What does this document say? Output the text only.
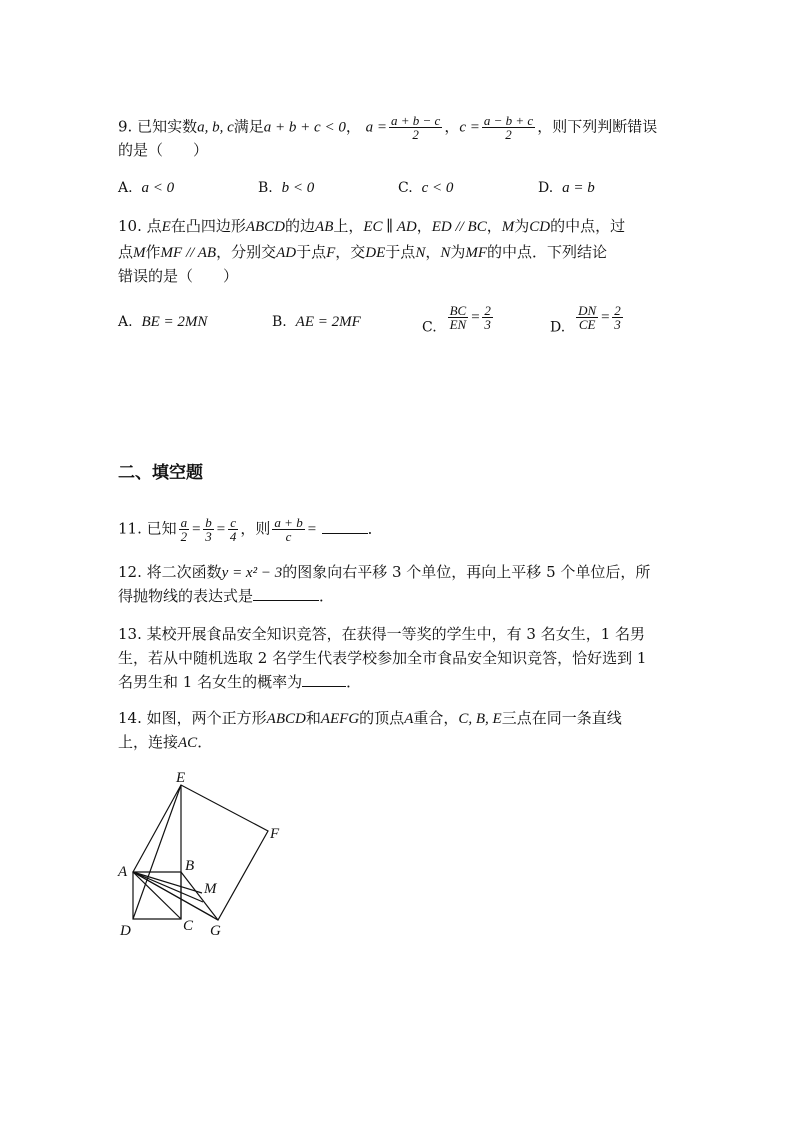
9. 已知实数a, b, c满足a + b + c < 0， $a = \frac{a + b - c}{2}$ ，$c = \frac{a - b + c}{2}$ ，则下列判断错误
的是（　　）
A. a < 0	B. b < 0	C. c < 0	D. a = b
10. 点E在凸四边形ABCD的边AB上，EC ∥ AD，ED // BC，M为CD的中点，过
点M作MF // AB，分别交AD于点F，交DE于点N，N为MF的中点．下列结论
错误的是（　　）
A. BE = 2MN	B. AE = 2MF	C. $\frac{BC}{EN} = \frac{2}{3}$	D. $\frac{DN}{CE} = \frac{2}{3}$
二、填空题
11. 已知 $\frac{a}{2} = \frac{b}{3} = \frac{c}{4}$ ，则 $\frac{a + b}{c}$ =	．
12. 将二次函数y = x² − 3的图象向右平移 3 个单位，再向上平移 5 个单位后，所
得抛物线的表达式是	．
13. 某校开展食品安全知识竞答，在获得一等奖的学生中，有 3 名女生，1 名男
生，若从中随机选取 2 名学生代表学校参加全市食品安全知识竞答，恰好选到 1
名男生和 1 名女生的概率为	．
14. 如图，两个正方形ABCD和AEFG的顶点A重合，C, B, E三点在同一条直线
上，连接AC．
E
F
A	B
M
D	C G
